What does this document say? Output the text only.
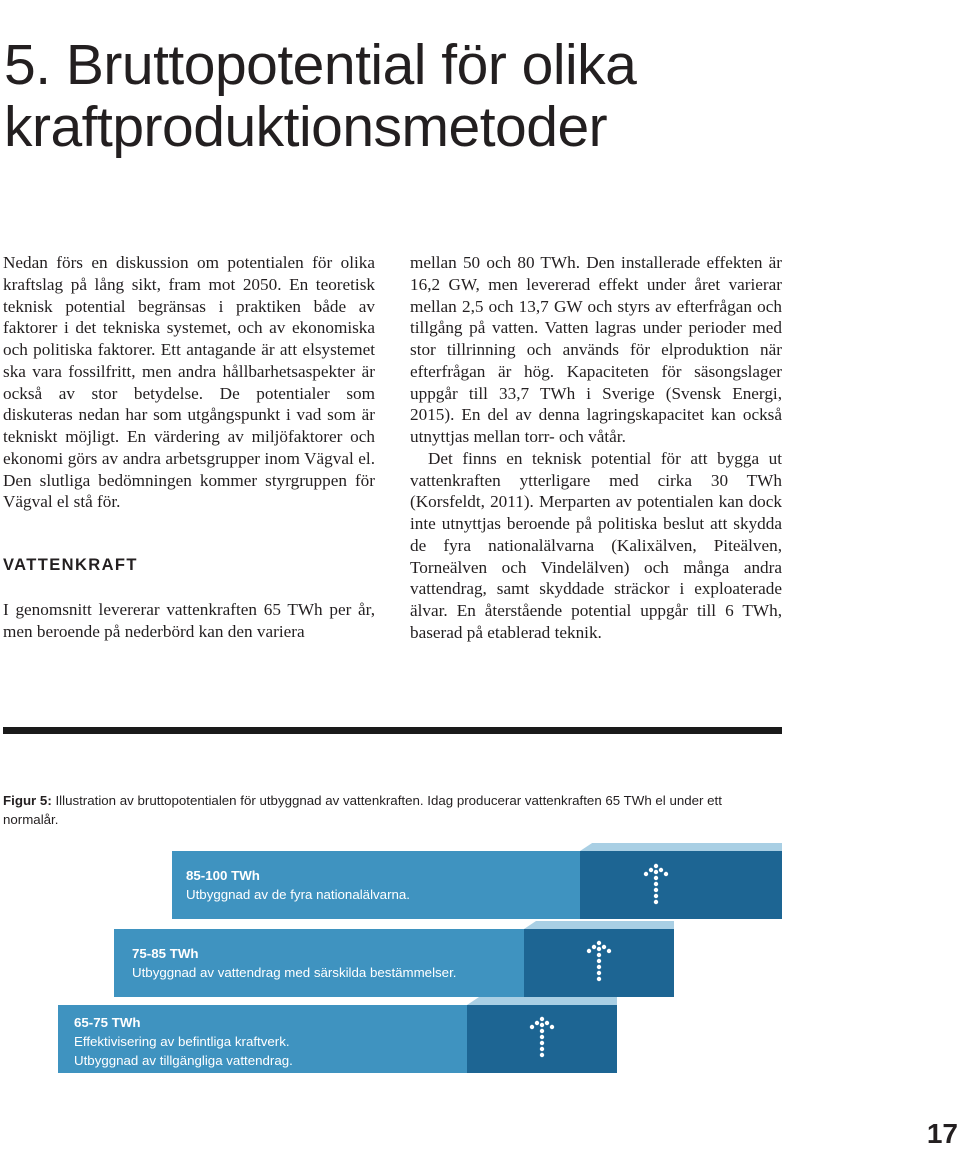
5. Bruttopotential för olika
kraftproduktionsmetoder

Nedan förs en diskussion om potentialen för olika kraftslag på lång sikt, fram mot 2050. En teoretisk teknisk potential begränsas i praktiken både av faktorer i det tekniska systemet, och av ekonomiska och politiska faktorer. Ett antagande är att elsystemet ska vara fossilfritt, men andra hållbarhetsaspekter är också av stor betydelse. De potentialer som diskuteras nedan har som utgångspunkt i vad som är tekniskt möjligt. En värdering av miljöfaktorer och ekonomi görs av andra arbetsgrupper inom Vägval el. Den slutliga bedömningen kommer styrgruppen för Vägval el stå för.

VATTENKRAFT

I genomsnitt levererar vattenkraften 65 TWh per år, men beroende på nederbörd kan den variera

mellan 50 och 80 TWh. Den installerade effekten är 16,2 GW, men levererad effekt under året varierar mellan 2,5 och 13,7 GW och styrs av efterfrågan och tillgång på vatten. Vatten lagras under perioder med stor tillrinning och används för elproduktion när efterfrågan är hög. Kapaciteten för säsongslager uppgår till 33,7 TWh i Sverige (Svensk Energi, 2015). En del av denna lagringskapacitet kan också utnyttjas mellan torr- och våtår.

Det finns en teknisk potential för att bygga ut vattenkraften ytterligare med cirka 30 TWh (Korsfeldt, 2011). Merparten av potentialen kan dock inte utnyttjas beroende på politiska beslut att skydda de fyra nationalälvarna (Kalixälven, Piteälven, Torneälven och Vindelälven) och många andra vattendrag, samt skyddade sträckor i exploaterade älvar. En återstående potential uppgår till 6 TWh, baserad på etablerad teknik.

Figur 5: Illustration av bruttopotentialen för utbyggnad av vattenkraften. Idag producerar vattenkraften 65 TWh el under ett normalår.
85-100 TWh
Utbyggnad av de fyra nationalälvarna.
75-85 TWh
Utbyggnad av vattendrag med särskilda bestämmelser.
65-75 TWh
Effektivisering av befintliga kraftverk.
Utbyggnad av tillgängliga vattendrag.
17
